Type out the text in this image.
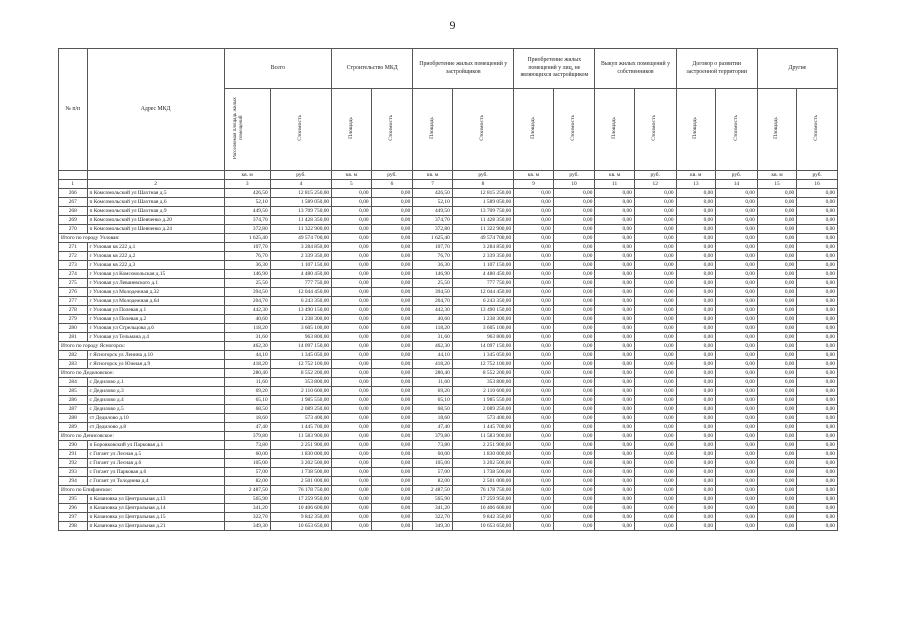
9
№ п/п	Адрес МКД	Всего		Строительство МКД		Приобретение жилых помещений у застройщиков		Приобретение жилых помещений у лиц, не являющихся застройщиком		Выкуп жилых помещений у собственников		Договор о развитии застроенной территории		Другие	
		Расселяемая площадь жилых помещений	Стоимость	Площадь	Стоимость	Площадь	Стоимость	Площадь	Стоимость	Площадь	Стоимость	Площадь	Стоимость	Площадь	Стоимость
		кв. м	руб.	кв. м	руб.	кв. м	руб.	кв. м	руб.	кв. м	руб.	кв. м	руб.	кв. м	руб.
1	2	3	4	5	6	7	8	9	10	11	12	13	14	15	16
266	п Комсомольский ул Шахтная д.5	426,50	12 815 250,00	0,00	0,00	426,50	12 815 250,00	0,00	0,00	0,00	0,00	0,00	0,00	0,00	0,00
267	п Комсомольский ул Шахтная д.6	52,10	1 589 050,00	0,00	0,00	52,10	1 589 050,00	0,00	0,00	0,00	0,00	0,00	0,00	0,00	0,00
268	п Комсомольский ул Шахтная д.9	449,50	13 709 750,00	0,00	0,00	449,50	13 709 750,00	0,00	0,00	0,00	0,00	0,00	0,00	0,00	0,00
269	п Комсомольский ул Шевченко д.20	374,70	11 428 350,00	0,00	0,00	374,70	11 428 350,00	0,00	0,00	0,00	0,00	0,00	0,00	0,00	0,00
270	п Комсомольский ул Шевченко д.24	372,80	11 322 900,00	0,00	0,00	372,80	11 322 900,00	0,00	0,00	0,00	0,00	0,00	0,00	0,00	0,00
Итого по городу Узловая:		1 625,40	49 574 700,00	0,00	0,00	1 625,40	49 574 700,00	0,00	0,00	0,00	0,00	0,00	0,00	0,00	0,00
271	г Узловая кв 222 д.1	107,70	3 284 850,00	0,00	0,00	107,70	3 284 850,00	0,00	0,00	0,00	0,00	0,00	0,00	0,00	0,00
272	г Узловая кв 222 д.2	76,70	2 339 350,00	0,00	0,00	76,70	2 339 350,00	0,00	0,00	0,00	0,00	0,00	0,00	0,00	0,00
273	г Узловая кв 222 д.3	36,30	1 107 150,00	0,00	0,00	36,30	1 107 150,00	0,00	0,00	0,00	0,00	0,00	0,00	0,00	0,00
274	г Узловая ул Комсомольская д.15	146,90	4 480 450,00	0,00	0,00	146,90	4 480 450,00	0,00	0,00	0,00	0,00	0,00	0,00	0,00	0,00
275	г Узловая ул Леваневского д.1	25,50	777 750,00	0,00	0,00	25,50	777 750,00	0,00	0,00	0,00	0,00	0,00	0,00	0,00	0,00
276	г Узловая ул Молодежная д.32	394,50	12 044 450,00	0,00	0,00	394,50	12 044 450,00	0,00	0,00	0,00	0,00	0,00	0,00	0,00	0,00
277	г Узловая ул Молодежная д.64	204,70	6 243 350,00	0,00	0,00	204,70	6 243 350,00	0,00	0,00	0,00	0,00	0,00	0,00	0,00	0,00
278	г Узловая ул Полевая д.1	442,30	13 490 150,00	0,00	0,00	442,30	13 490 150,00	0,00	0,00	0,00	0,00	0,00	0,00	0,00	0,00
279	г Узловая ул Полевая д.2	40,60	1 238 300,00	0,00	0,00	40,60	1 238 300,00	0,00	0,00	0,00	0,00	0,00	0,00	0,00	0,00
280	г Узловая ул Стрельцова д.6	118,20	3 605 100,00	0,00	0,00	118,20	3 605 100,00	0,00	0,00	0,00	0,00	0,00	0,00	0,00	0,00
281	г Узловая ул Тельмана д.4	31,60	963 800,00	0,00	0,00	31,60	963 800,00	0,00	0,00	0,00	0,00	0,00	0,00	0,00	0,00
Итого по городу Ясногорск:		462,30	14 097 150,00	0,00	0,00	462,30	14 097 150,00	0,00	0,00	0,00	0,00	0,00	0,00	0,00	0,00
282	г Ясногорск ул Ленина д.10	44,10	1 345 050,00	0,00	0,00	44,10	1 345 050,00	0,00	0,00	0,00	0,00	0,00	0,00	0,00	0,00
283	г Ясногорск ул Южная д.9	418,20	12 752 100,00	0,00	0,00	418,20	12 752 100,00	0,00	0,00	0,00	0,00	0,00	0,00	0,00	0,00
Итого по Дедиловское:		280,40	8 552 200,00	0,00	0,00	280,40	8 552 200,00	0,00	0,00	0,00	0,00	0,00	0,00	0,00	0,00
284	с Дедилово д.1	11,60	353 800,00	0,00	0,00	11,60	353 800,00	0,00	0,00	0,00	0,00	0,00	0,00	0,00	0,00
285	с Дедилово д.3	69,20	2 110 600,00	0,00	0,00	69,20	2 110 600,00	0,00	0,00	0,00	0,00	0,00	0,00	0,00	0,00
286	с Дедилово д.4	65,10	1 985 550,00	0,00	0,00	65,10	1 985 550,00	0,00	0,00	0,00	0,00	0,00	0,00	0,00	0,00
287	с Дедилово д.5	68,50	2 089 250,00	0,00	0,00	68,50	2 089 250,00	0,00	0,00	0,00	0,00	0,00	0,00	0,00	0,00
288	ст Дедилово д.10	18,60	573 400,00	0,00	0,00	18,60	573 400,00	0,00	0,00	0,00	0,00	0,00	0,00	0,00	0,00
289	ст Дедилово д.8	47,40	1 445 700,00	0,00	0,00	47,40	1 445 700,00	0,00	0,00	0,00	0,00	0,00	0,00	0,00	0,00
Итого по Денисовское:		379,80	11 583 900,00	0,00	0,00	379,80	11 583 900,00	0,00	0,00	0,00	0,00	0,00	0,00	0,00	0,00
290	п Боровковский ул Парковая д.1	73,80	2 251 900,00	0,00	0,00	73,80	2 251 900,00	0,00	0,00	0,00	0,00	0,00	0,00	0,00	0,00
291	с Гигант ул Лесная д.5	60,00	1 830 000,00	0,00	0,00	60,00	1 830 000,00	0,00	0,00	0,00	0,00	0,00	0,00	0,00	0,00
292	с Гигант ул Лесная д.6	105,00	3 202 500,00	0,00	0,00	105,00	3 202 500,00	0,00	0,00	0,00	0,00	0,00	0,00	0,00	0,00
293	с Гигант ул Парковая д.6	57,00	1 738 500,00	0,00	0,00	57,00	1 738 500,00	0,00	0,00	0,00	0,00	0,00	0,00	0,00	0,00
294	с Гигант ул Толоднева д.4	82,00	2 501 000,00	0,00	0,00	82,00	2 501 000,00	0,00	0,00	0,00	0,00	0,00	0,00	0,00	0,00
Итого по Епифанское:		2 487,50	76 178 750,00	0,00	0,00	2 487,50	76 178 750,00	0,00	0,00	0,00	0,00	0,00	0,00	0,00	0,00
295	п Казановка ул Центральная д.13	565,90	17 259 950,00	0,00	0,00	565,90	17 259 950,00	0,00	0,00	0,00	0,00	0,00	0,00	0,00	0,00
296	п Казановка ул Центральная д.14	341,20	10 406 600,00	0,00	0,00	341,20	10 406 600,00	0,00	0,00	0,00	0,00	0,00	0,00	0,00	0,00
297	п Казановка ул Центральная д.15	322,70	9 842 350,00	0,00	0,00	322,70	9 842 350,00	0,00	0,00	0,00	0,00	0,00	0,00	0,00	0,00
298	п Казановка ул Центральная д.21	349,30	10 653 650,00	0,00	0,00	349,30	10 653 650,00	0,00	0,00	0,00	0,00	0,00	0,00	0,00	0,00
